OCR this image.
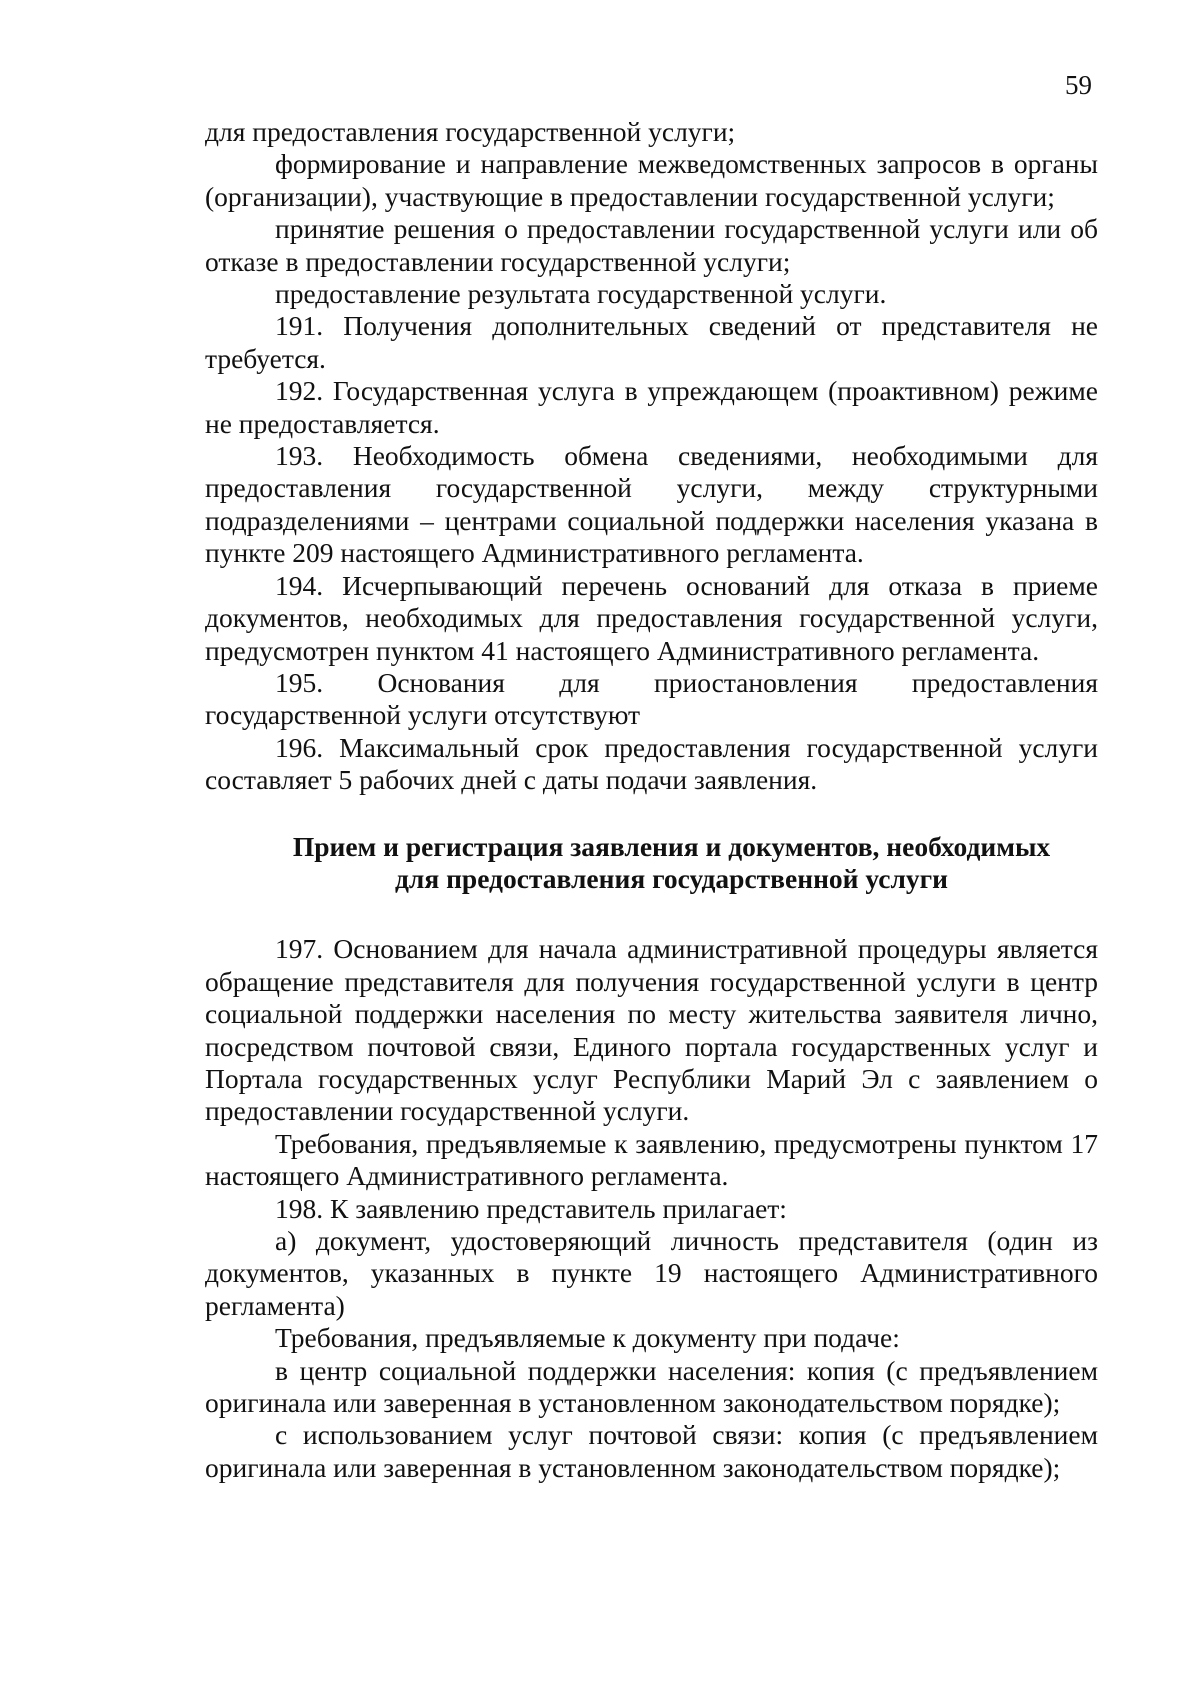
59

для предоставления государственной услуги;

формирование и направление межведомственных запросов в органы (организации), участвующие в предоставлении государственной услуги;

принятие решения о предоставлении государственной услуги или об отказе в предоставлении государственной услуги;

предоставление результата государственной услуги.

191. Получения дополнительных сведений от представителя не требуется.

192. Государственная услуга в упреждающем (проактивном) режиме не предоставляется.

193. Необходимость обмена сведениями, необходимыми для предоставления государственной услуги, между структурными подразделениями – центрами социальной поддержки населения указана в пункте 209 настоящего Административного регламента.

194. Исчерпывающий перечень оснований для отказа в приеме документов, необходимых для предоставления государственной услуги, предусмотрен пунктом 41 настоящего Административного регламента.

195. Основания для приостановления предоставления государственной услуги отсутствуют

196. Максимальный срок предоставления государственной услуги составляет 5 рабочих дней с даты подачи заявления.

Прием и регистрация заявления и документов, необходимых
для предоставления государственной услуги

197. Основанием для начала административной процедуры является обращение представителя для получения государственной услуги в центр социальной поддержки населения по месту жительства заявителя лично, посредством почтовой связи, Единого портала государственных услуг и Портала государственных услуг Республики Марий Эл с заявлением о предоставлении государственной услуги.

Требования, предъявляемые к заявлению, предусмотрены пунктом 17 настоящего Административного регламента.

198. К заявлению представитель прилагает:

а) документ, удостоверяющий личность представителя (один из документов, указанных в пункте 19 настоящего Административного регламента)

Требования, предъявляемые к документу при подаче:

в центр социальной поддержки населения: копия (с предъявлением оригинала или заверенная в установленном законодательством порядке);

с использованием услуг почтовой связи: копия (с предъявлением оригинала или заверенная в установленном законодательством порядке);
